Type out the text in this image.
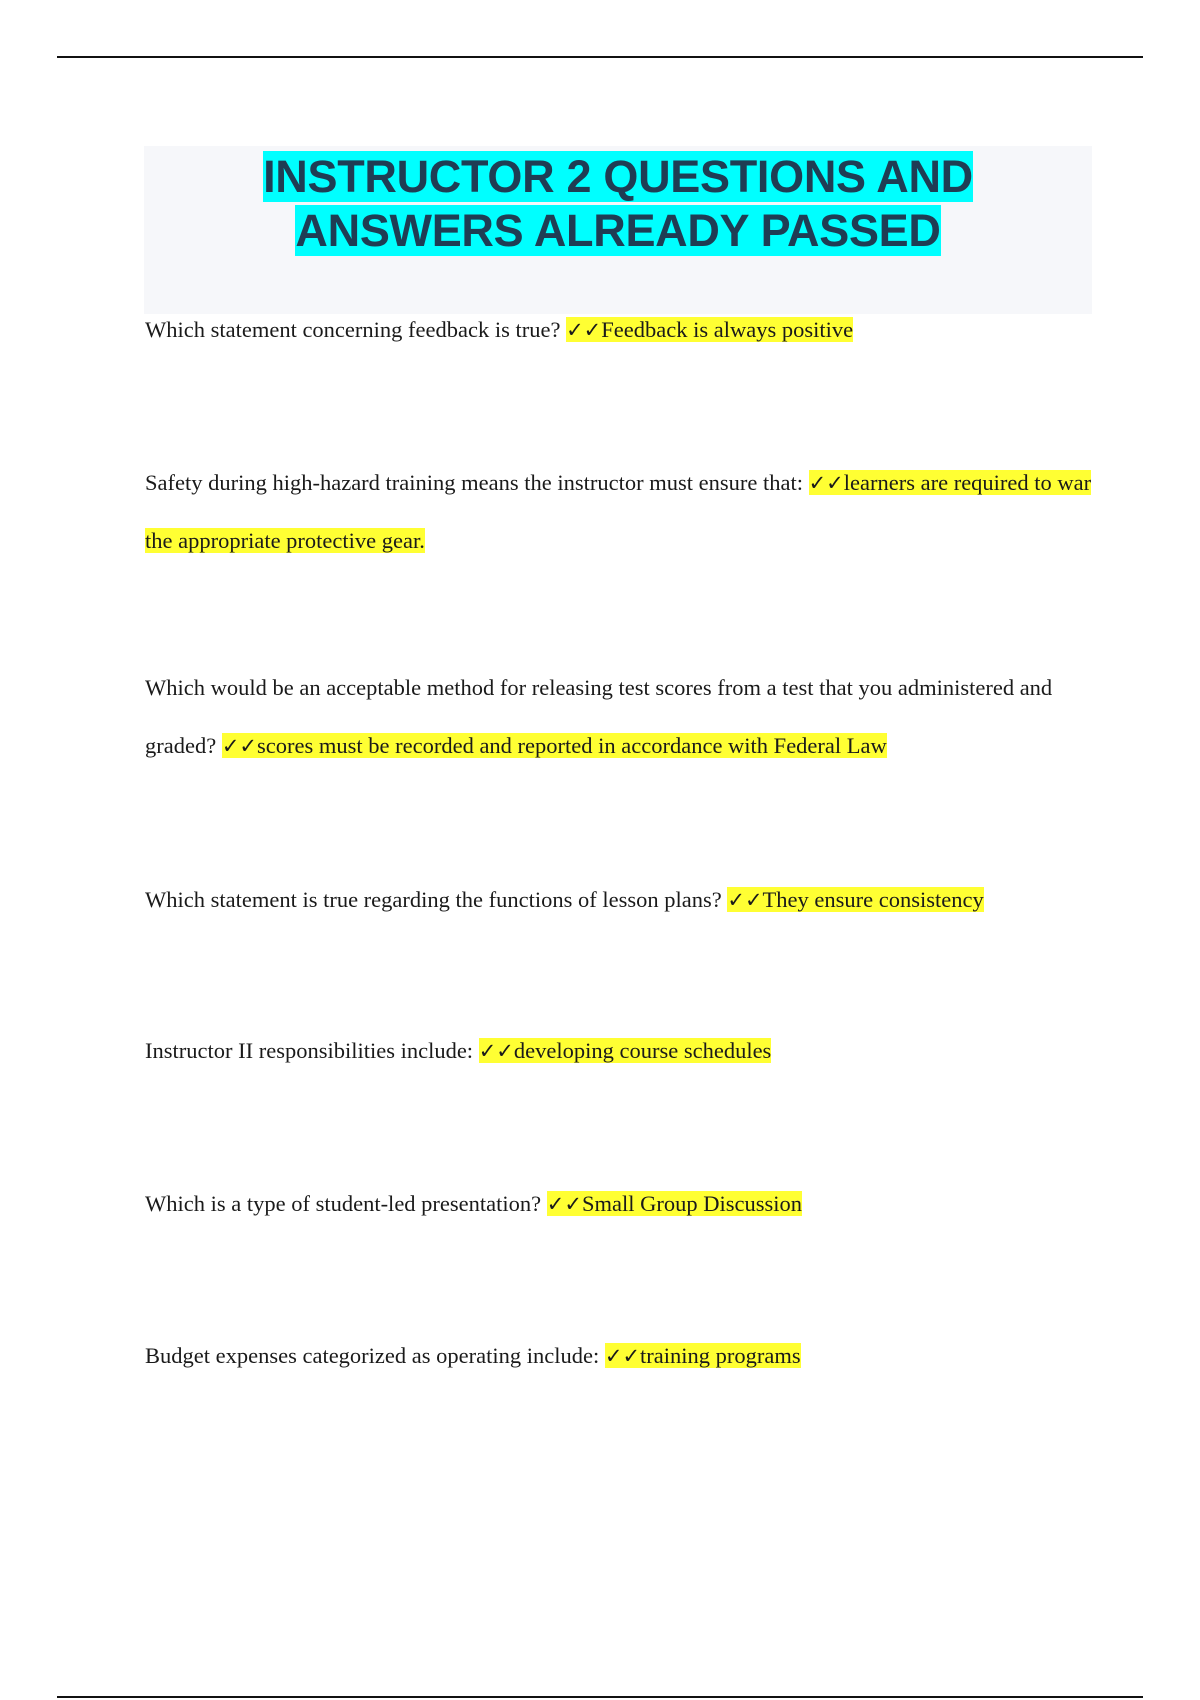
INSTRUCTOR 2 QUESTIONS AND ANSWERS ALREADY PASSED
Which statement concerning feedback is true? ✓✓Feedback is always positive
Safety during high-hazard training means the instructor must ensure that: ✓✓learners are required to war the appropriate protective gear.
Which would be an acceptable method for releasing test scores from a test that you administered and graded? ✓✓scores must be recorded and reported in accordance with Federal Law
Which statement is true regarding the functions of lesson plans? ✓✓They ensure consistency
Instructor II responsibilities include: ✓✓developing course schedules
Which is a type of student-led presentation? ✓✓Small Group Discussion
Budget expenses categorized as operating include: ✓✓training programs
